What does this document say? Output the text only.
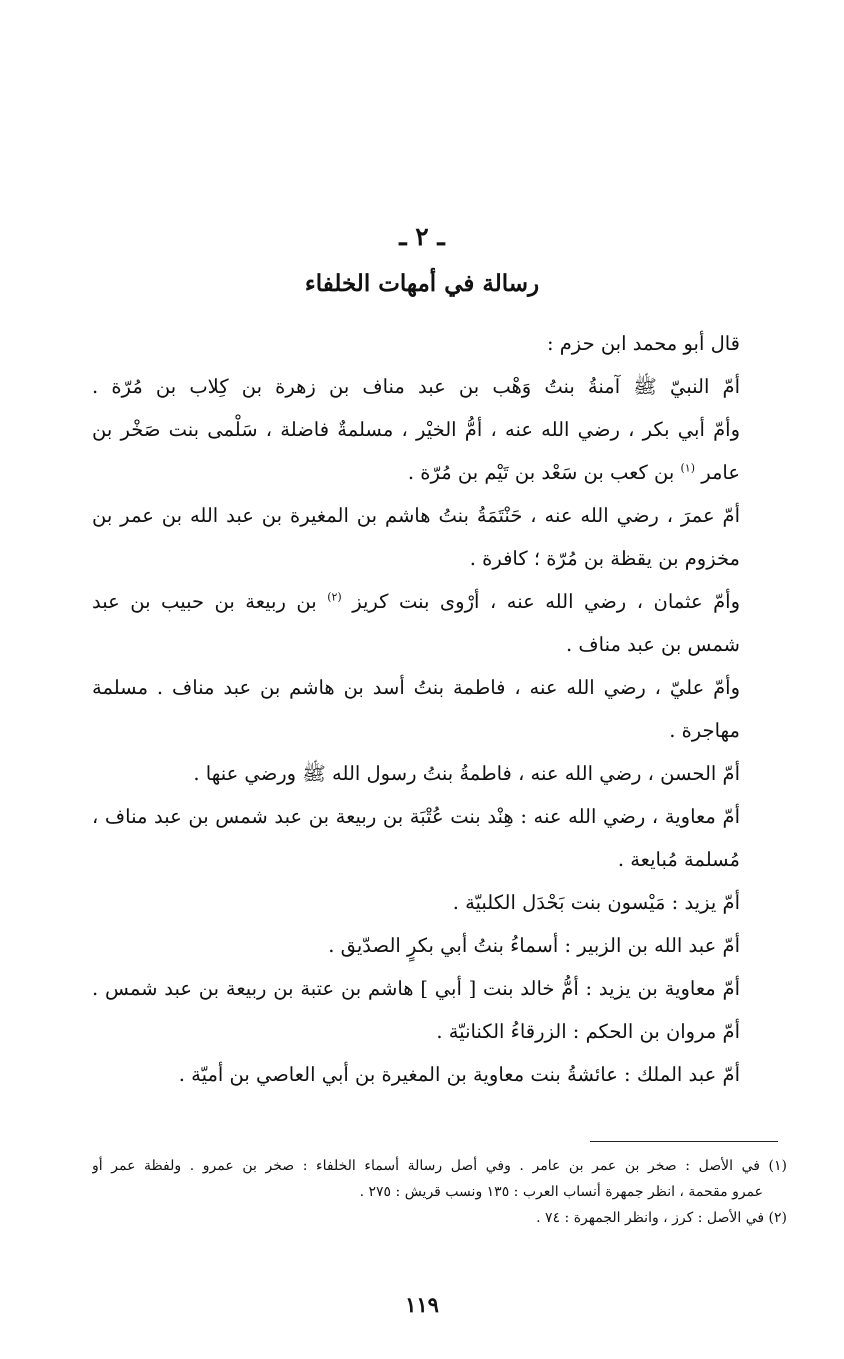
ـ ٢ ـ
رسالة في أمهات الخلفاء
قال أبو محمد ابن حزم :
أمّ النبيّ ﷺ آمنةُ بنتُ وَهْب بن عبد مناف بن زهرة بن كِلاب بن مُرّة .
وأمّ أبي بكر ، رضي الله عنه ، أمُّ الخيْر ، مسلمةٌ فاضلة ، سَلْمى بنت صَخْر بن
عامر $^{(١)}$ بن كعب بن سَعْد بن تَيْم بن مُرّة .
أمّ عمرَ ، رضي الله عنه ، حَنْتَمَةُ بنتُ هاشم بن المغيرة بن عبد الله بن عمر بن
مخزوم بن يقظة بن مُرّة ؛ كافرة .
وأمّ عثمان ، رضي الله عنه ، أرْوى بنت كريز $^{(٢)}$ بن ربيعة بن حبيب بن عبد
شمس بن عبد مناف .
وأمّ عليّ ، رضي الله عنه ، فاطمة بنتُ أسد بن هاشم بن عبد مناف . مسلمة
مهاجرة .
أمّ الحسن ، رضي الله عنه ، فاطمةُ بنتُ رسول الله ﷺ ورضي عنها .
أمّ معاوية ، رضي الله عنه : هِنْد بنت عُتْبَة بن ربيعة بن عبد شمس بن عبد مناف ،
مُسلمة مُبايعة .
أمّ يزيد : مَيْسون بنت بَحْدَل الكلبيّة .
أمّ عبد الله بن الزبير : أسماءُ بنتُ أبي بكرٍ الصدّيق .
أمّ معاوية بن يزيد : أمُّ خالد بنت [ أبي ] هاشم بن عتبة بن ربيعة بن عبد شمس .
أمّ مروان بن الحكم : الزرقاءُ الكنانيّة .
أمّ عبد الملك : عائشةُ بنت معاوية بن المغيرة بن أبي العاصي بن أميّة .
(١) في الأصل : صخر بن عمر بن عامر . وفي أصل رسالة أسماء الخلفاء : صخر بن عمرو . ولفظة عمر أو
عمرو مقحمة ، انظر جمهرة أنساب العرب : ١٣٥ ونسب قريش : ٢٧٥ .
(٢) في الأصل : كرز ، وانظر الجمهرة : ٧٤ .
١١٩
